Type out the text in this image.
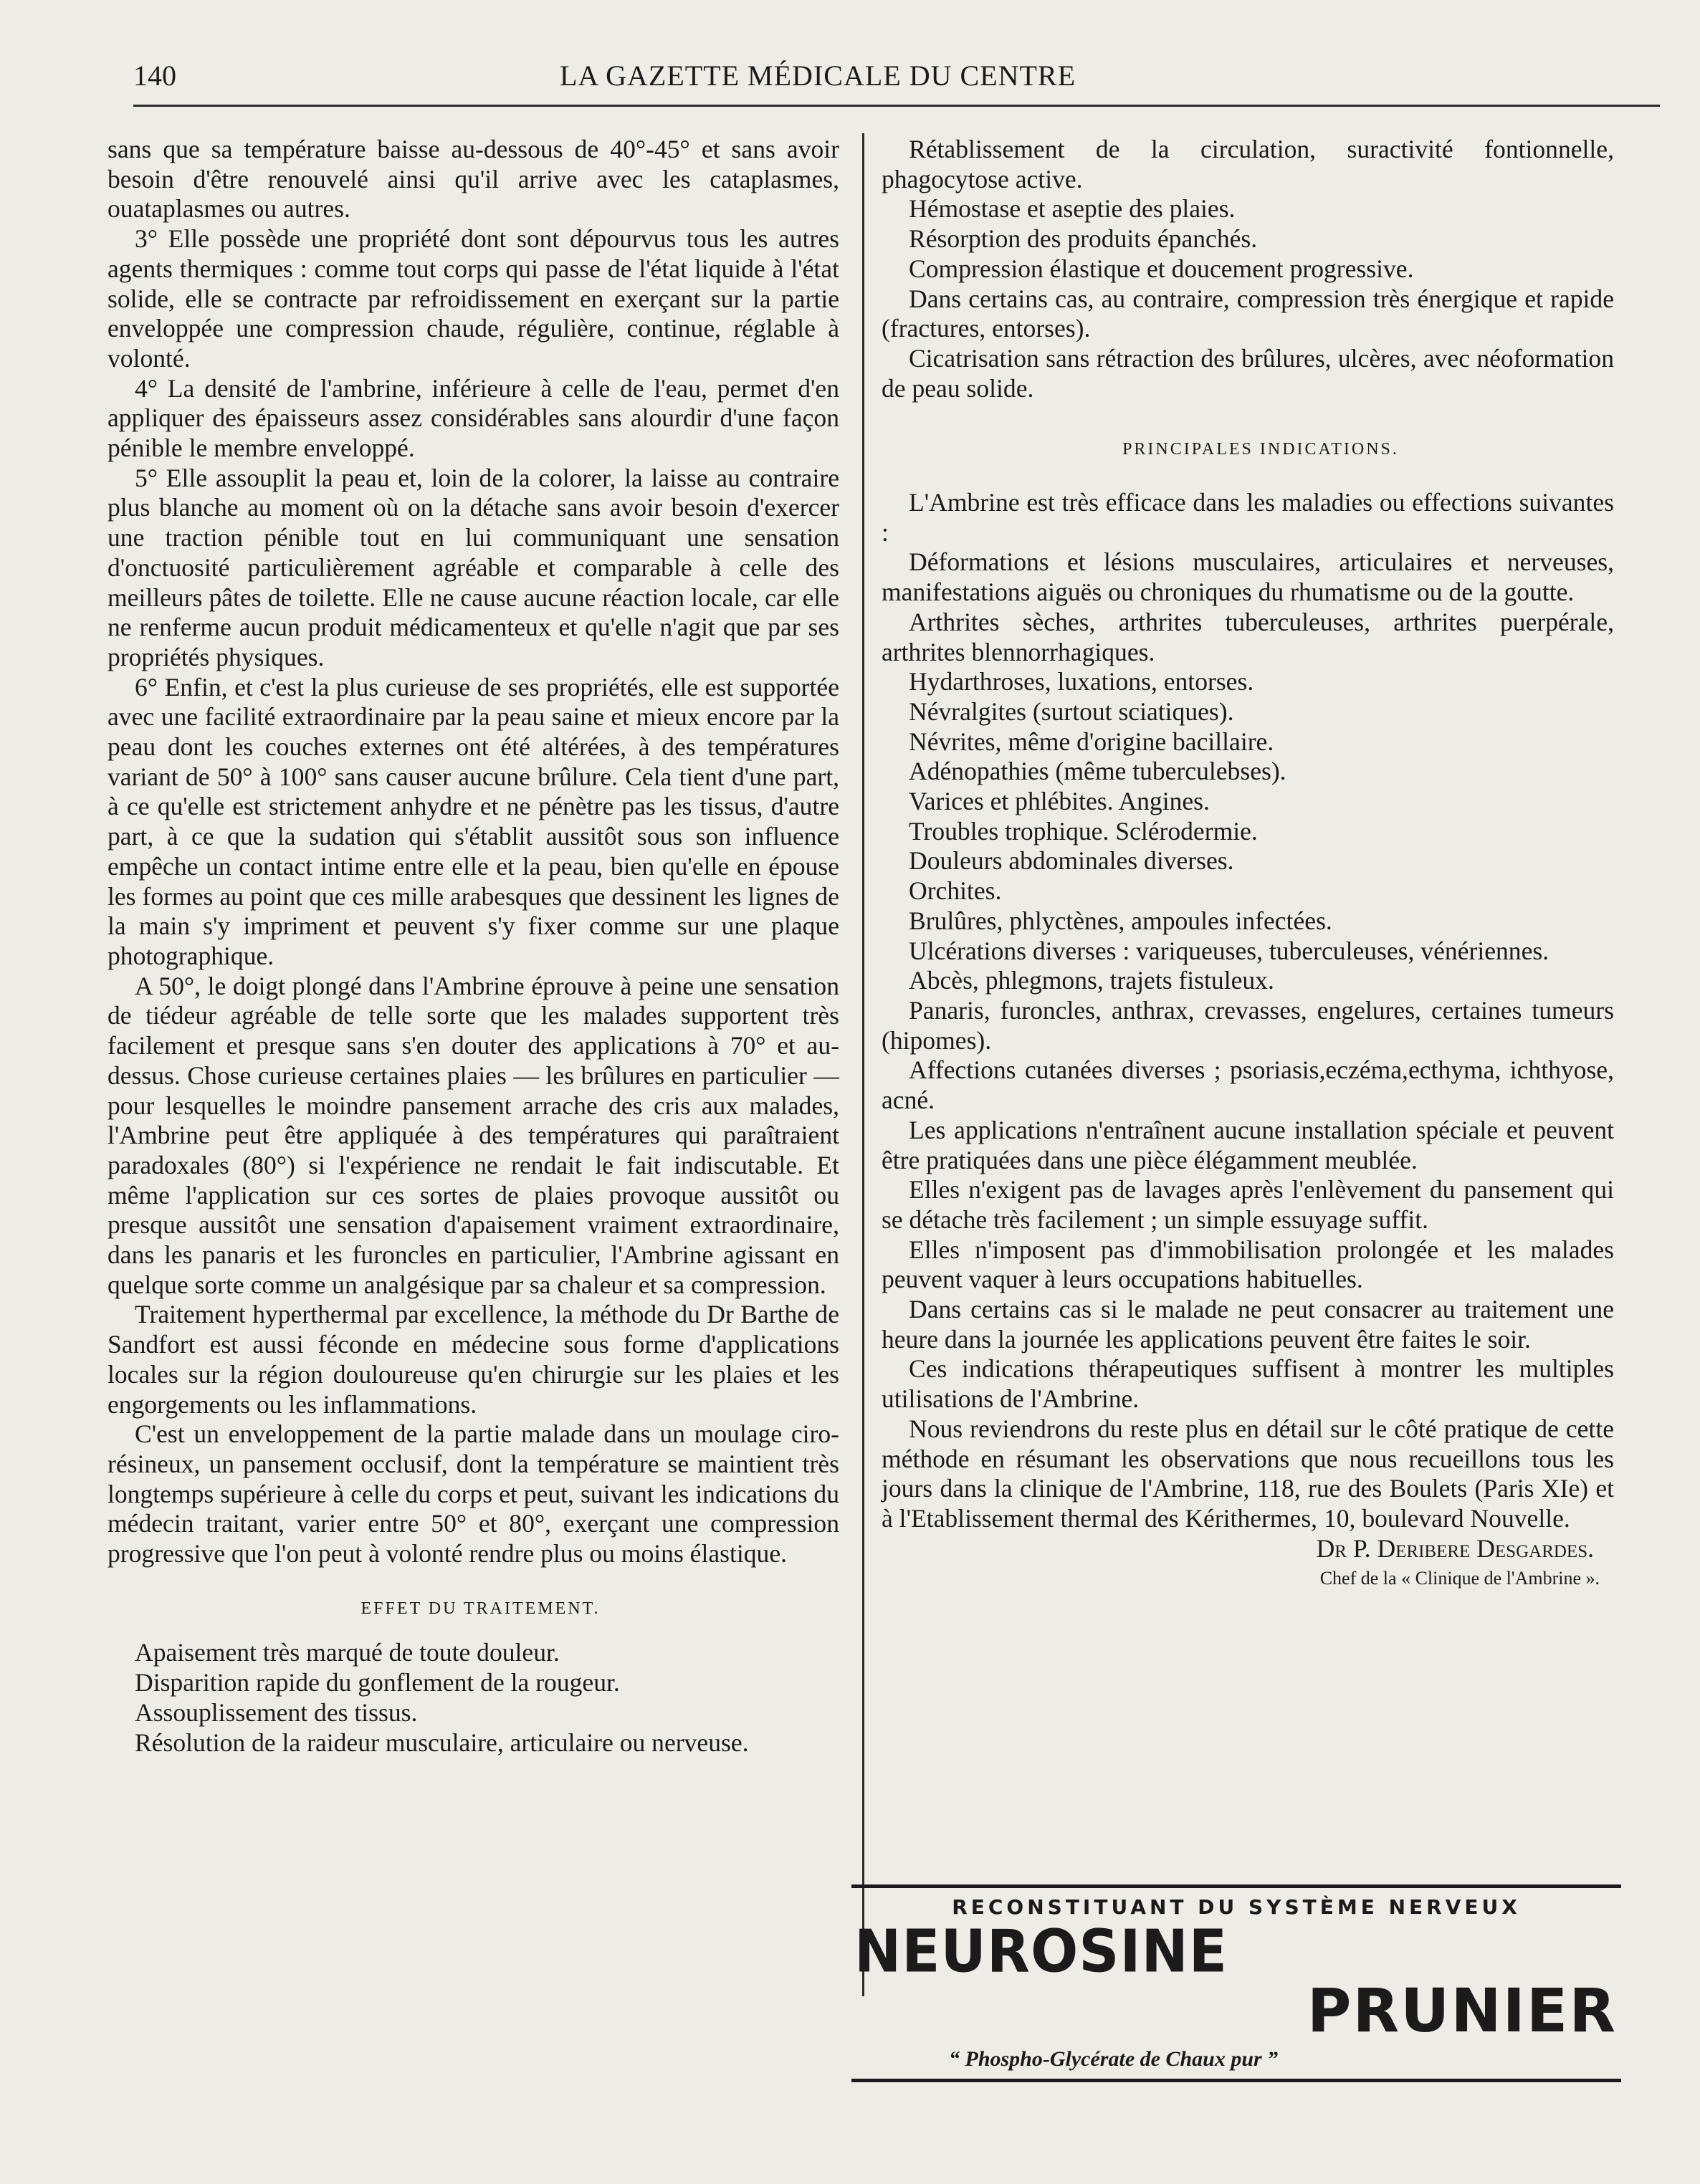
140	LA GAZETTE MÉDICALE DU CENTRE

sans que sa température baisse au-dessous de 40°-45° et sans avoir besoin d'être renouvelé ainsi qu'il arrive avec les cataplasmes, ouataplasmes ou autres.

3° Elle possède une propriété dont sont dépourvus tous les autres agents thermiques : comme tout corps qui passe de l'état liquide à l'état solide, elle se contracte par refroidissement en exerçant sur la partie enveloppée une compression chaude, régulière, continue, réglable à volonté.

4° La densité de l'ambrine, inférieure à celle de l'eau, permet d'en appliquer des épaisseurs assez considérables sans alourdir d'une façon pénible le membre enveloppé.

5° Elle assouplit la peau et, loin de la colorer, la laisse au contraire plus blanche au moment où on la détache sans avoir besoin d'exercer une traction pénible tout en lui communiquant une sensation d'onctuosité particulièrement agréable et comparable à celle des meilleurs pâtes de toilette. Elle ne cause aucune réaction locale, car elle ne renferme aucun produit médicamenteux et qu'elle n'agit que par ses propriétés physiques.

6° Enfin, et c'est la plus curieuse de ses propriétés, elle est supportée avec une facilité extraordinaire par la peau saine et mieux encore par la peau dont les couches externes ont été altérées, à des températures variant de 50° à 100° sans causer aucune brûlure. Cela tient d'une part, à ce qu'elle est strictement anhydre et ne pénètre pas les tissus, d'autre part, à ce que la sudation qui s'établit aussitôt sous son influence empêche un contact intime entre elle et la peau, bien qu'elle en épouse les formes au point que ces mille arabesques que dessinent les lignes de la main s'y impriment et peuvent s'y fixer comme sur une plaque photographique.

A 50°, le doigt plongé dans l'Ambrine éprouve à peine une sensation de tiédeur agréable de telle sorte que les malades supportent très facilement et presque sans s'en douter des applications à 70° et au-dessus. Chose curieuse certaines plaies — les brûlures en particulier — pour lesquelles le moindre pansement arrache des cris aux malades, l'Ambrine peut être appliquée à des températures qui paraîtraient paradoxales (80°) si l'expérience ne rendait le fait indiscutable. Et même l'application sur ces sortes de plaies provoque aussitôt ou presque aussitôt une sensation d'apaisement vraiment extraordinaire, dans les panaris et les furoncles en particulier, l'Ambrine agissant en quelque sorte comme un analgésique par sa chaleur et sa compression.

Traitement hyperthermal par excellence, la méthode du Dr Barthe de Sandfort est aussi féconde en médecine sous forme d'applications locales sur la région douloureuse qu'en chirurgie sur les plaies et les engorgements ou les inflammations.

C'est un enveloppement de la partie malade dans un moulage ciro-résineux, un pansement occlusif, dont la température se maintient très longtemps supérieure à celle du corps et peut, suivant les indications du médecin traitant, varier entre 50° et 80°, exerçant une compression progressive que l'on peut à volonté rendre plus ou moins élastique.

EFFET DU TRAITEMENT.

Apaisement très marqué de toute douleur.

Disparition rapide du gonflement de la rougeur.

Assouplissement des tissus.

Résolution de la raideur musculaire, articulaire ou nerveuse.

Rétablissement de la circulation, suractivité fontionnelle, phagocytose active.

Hémostase et aseptie des plaies.

Résorption des produits épanchés.

Compression élastique et doucement progressive.

Dans certains cas, au contraire, compression très énergique et rapide (fractures, entorses).

Cicatrisation sans rétraction des brûlures, ulcères, avec néoformation de peau solide.

PRINCIPALES INDICATIONS.

L'Ambrine est très efficace dans les maladies ou effections suivantes :

Déformations et lésions musculaires, articulaires et nerveuses, manifestations aiguës ou chroniques du rhumatisme ou de la goutte.

Arthrites sèches, arthrites tuberculeuses, arthrites puerpérale, arthrites blennorrhagiques.

Hydarthroses, luxations, entorses.

Névralgites (surtout sciatiques).

Névrites, même d'origine bacillaire.

Adénopathies (même tuberculebses).

Varices et phlébites. Angines.

Troubles trophique. Sclérodermie.

Douleurs abdominales diverses.

Orchites.

Brulûres, phlyctènes, ampoules infectées.

Ulcérations diverses : variqueuses, tuberculeuses, vénériennes.

Abcès, phlegmons, trajets fistuleux.

Panaris, furoncles, anthrax, crevasses, engelures, certaines tumeurs (hipomes).

Affections cutanées diverses ; psoriasis,eczéma,ecthyma, ichthyose, acné.

Les applications n'entraînent aucune installation spéciale et peuvent être pratiquées dans une pièce élégamment meublée.

Elles n'exigent pas de lavages après l'enlèvement du pansement qui se détache très facilement ; un simple essuyage suffit.

Elles n'imposent pas d'immobilisation prolongée et les malades peuvent vaquer à leurs occupations habituelles.

Dans certains cas si le malade ne peut consacrer au traitement une heure dans la journée les applications peuvent être faites le soir.

Ces indications thérapeutiques suffisent à montrer les multiples utilisations de l'Ambrine.

Nous reviendrons du reste plus en détail sur le côté pratique de cette méthode en résumant les observations que nous recueillons tous les jours dans la clinique de l'Ambrine, 118, rue des Boulets (Paris XIe) et à l'Etablissement thermal des Kérithermes, 10, boulevard Nouvelle.

Dr P. Deribere Desgardes.

Chef de la « Clinique de l'Ambrine ».

RECONSTITUANT DU SYSTÈME NERVEUX
NEUROSINE
PRUNIER
“ Phospho-Glycérate de Chaux pur ”
